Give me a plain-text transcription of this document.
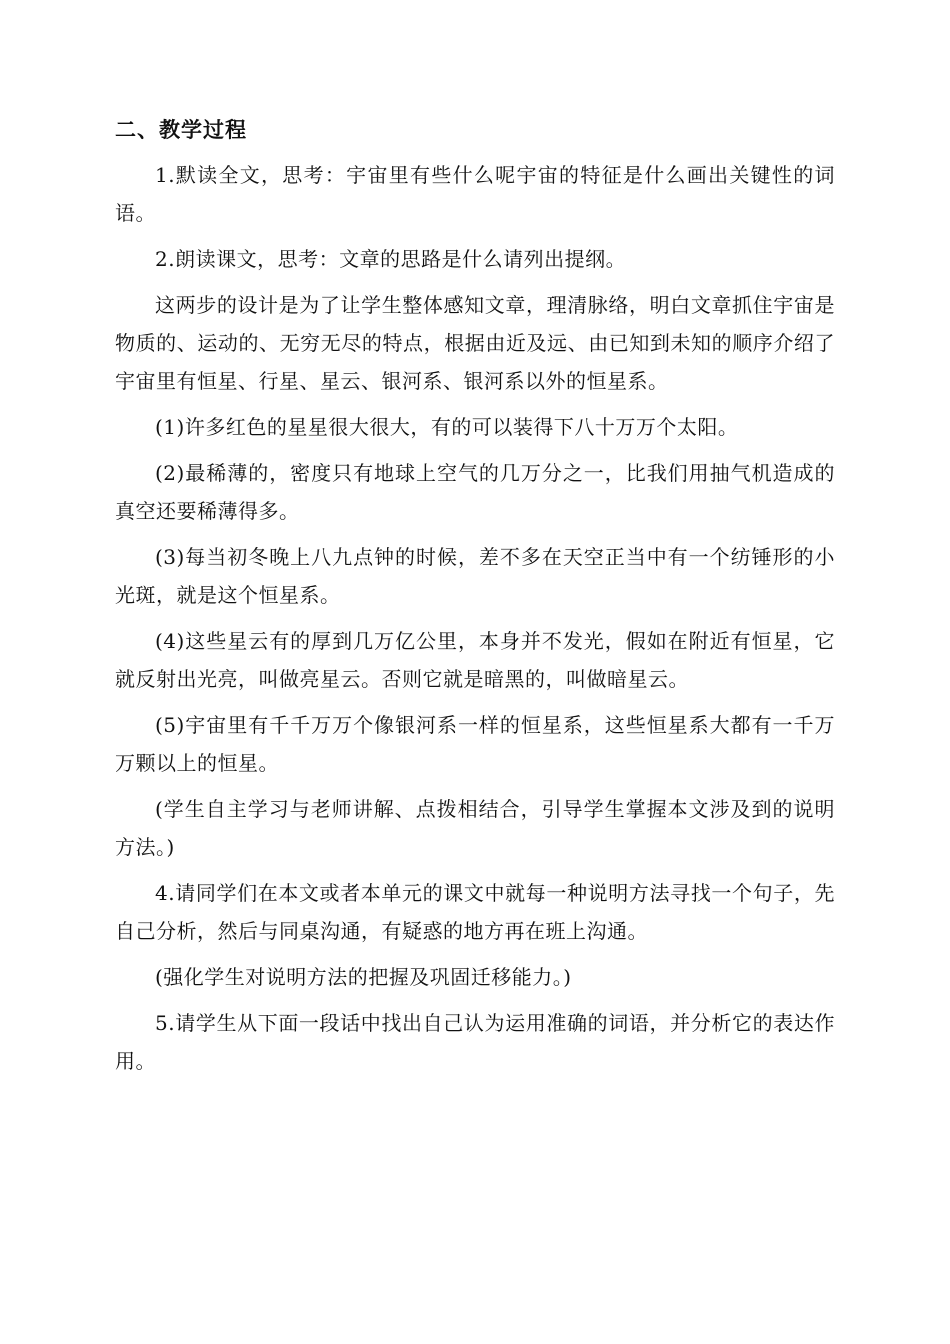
二、教学过程

1.默读全文，思考：宇宙里有些什么呢宇宙的特征是什么画出关键性的词语。

2.朗读课文，思考：文章的思路是什么请列出提纲。

这两步的设计是为了让学生整体感知文章，理清脉络，明白文章抓住宇宙是物质的、运动的、无穷无尽的特点，根据由近及远、由已知到未知的顺序介绍了宇宙里有恒星、行星、星云、银河系、银河系以外的恒星系。

(1)许多红色的星星很大很大，有的可以装得下八十万万个太阳。

(2)最稀薄的，密度只有地球上空气的几万分之一，比我们用抽气机造成的真空还要稀薄得多。

(3)每当初冬晚上八九点钟的时候，差不多在天空正当中有一个纺锤形的小光斑，就是这个恒星系。

(4)这些星云有的厚到几万亿公里，本身并不发光，假如在附近有恒星，它就反射出光亮，叫做亮星云。否则它就是暗黑的，叫做暗星云。

(5)宇宙里有千千万万个像银河系一样的恒星系，这些恒星系大都有一千万万颗以上的恒星。

(学生自主学习与老师讲解、点拨相结合，引导学生掌握本文涉及到的说明方法。)

4.请同学们在本文或者本单元的课文中就每一种说明方法寻找一个句子，先自己分析，然后与同桌沟通，有疑惑的地方再在班上沟通。

(强化学生对说明方法的把握及巩固迁移能力。)

5.请学生从下面一段话中找出自己认为运用准确的词语，并分析它的表达作用。
